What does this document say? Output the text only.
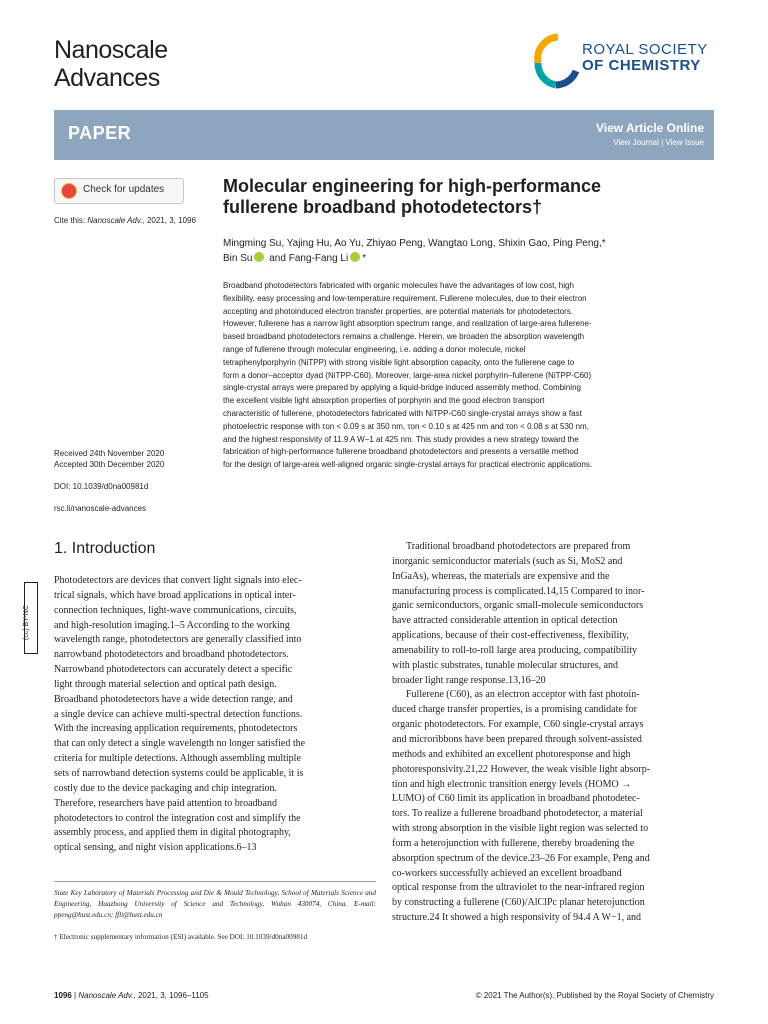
Nanoscale
Advances
ROYAL SOCIETY
OF CHEMISTRY
PAPER	View Article Online
View Journal | View Issue
Check for updates
Cite this: Nanoscale Adv., 2021, 3, 1096
Received 24th November 2020
Accepted 30th December 2020
DOI: 10.1039/d0na00981d
rsc.li/nanoscale-advances
Molecular engineering for high-performance
fullerene broadband photodetectors†
Mingming Su, Yajing Hu, Ao Yu, Zhiyao Peng, Wangtao Long, Shixin Gao, Ping Peng,*
Bin Su and Fang-Fang Li *
Broadband photodetectors fabricated with organic molecules have the advantages of low cost, high
flexibility, easy processing and low-temperature requirement. Fullerene molecules, due to their electron
accepting and photoinduced electron transfer properties, are potential materials for photodetectors.
However, fullerene has a narrow light absorption spectrum range, and realization of large-area fullerene-
based broadband photodetectors remains a challenge. Herein, we broaden the absorption wavelength
range of fullerene through molecular engineering, i.e. adding a donor molecule, nickel
tetraphenylporphyrin (NiTPP) with strong visible light absorption capacity, onto the fullerene cage to
form a donor–acceptor dyad (NiTPP-C60). Moreover, large-area nickel porphyrin–fullerene (NiTPP-C60)
single-crystal arrays were prepared by applying a liquid-bridge induced assembly method. Combining
the excellent visible light absorption properties of porphyrin and the good electron transport
characteristic of fullerene, photodetectors fabricated with NiTPP-C60 single-crystal arrays show a fast
photoelectric response with τon < 0.09 s at 350 nm, τon < 0.10 s at 425 nm and τon < 0.08 s at 530 nm,
and the highest responsivity of 11.9 A W−1 at 425 nm. This study provides a new strategy toward the
fabrication of high-performance fullerene broadband photodetectors and presents a versatile method
for the design of large-area well-aligned organic single-crystal arrays for practical electronic applications.
(cc) BY-NC
1. Introduction

Photodetectors are devices that convert light signals into elec-

trical signals, which have broad applications in optical inter-

connection techniques, light-wave communications, circuits,

and high-resolution imaging.1–5 According to the working

wavelength range, photodetectors are generally classified into

narrowband photodetectors and broadband photodetectors.

Narrowband photodetectors can accurately detect a specific

light through material selection and optical path design.

Broadband photodetectors have a wide detection range, and

a single device can achieve multi-spectral detection functions.

With the increasing application requirements, photodetectors

that can only detect a single wavelength no longer satisfied the

criteria for multiple detections. Although assembling multiple

sets of narrowband detection systems could be applicable, it is

costly due to the device packaging and chip integration.

Therefore, researchers have paid attention to broadband

photodetectors to control the integration cost and simplify the

assembly process, and applied them in digital photography,

optical sensing, and night vision applications.6–13

Traditional broadband photodetectors are prepared from

inorganic semiconductor materials (such as Si, MoS2 and

InGaAs), whereas, the materials are expensive and the

manufacturing process is complicated.14,15 Compared to inor-

ganic semiconductors, organic small-molecule semiconductors

have attracted considerable attention in optical detection

applications, because of their cost-effectiveness, flexibility,

amenability to roll-to-roll large area producing, compatibility

with plastic substrates, tunable molecular structures, and

broader light range response.13,16–20

Fullerene (C60), as an electron acceptor with fast photoin-

duced charge transfer properties, is a promising candidate for

organic photodetectors. For example, C60 single-crystal arrays

and microribbons have been prepared through solvent-assisted

methods and exhibited an excellent photoresponse and high

photoresponsivity.21,22 However, the weak visible light absorp-

tion and high electronic transition energy levels (HOMO →

LUMO) of C60 limit its application in broadband photodetec-

tors. To realize a fullerene broadband photodetector, a material

with strong absorption in the visible light region was selected to

form a heterojunction with fullerene, thereby broadening the

absorption spectrum of the device.23–26 For example, Peng and

co-workers successfully achieved an excellent broadband

optical response from the ultraviolet to the near-infrared region

by constructing a fullerene (C60)/AlClPc planar heterojunction

structure.24 It showed a high responsivity of 94.4 A W−1, and

State Key Laboratory of Materials Processing and Die & Mould Technology, School of Materials Science and Engineering, Huazhong University of Science and Technology, Wuhan 430074, China. E-mail: ppeng@hust.edu.cn; ffli@hust.edu.cn
† Electronic supplementary information (ESI) available. See DOI: 10.1039/d0na00981d
1096 | Nanoscale Adv., 2021, 3, 1096–1105	© 2021 The Author(s). Published by the Royal Society of Chemistry
